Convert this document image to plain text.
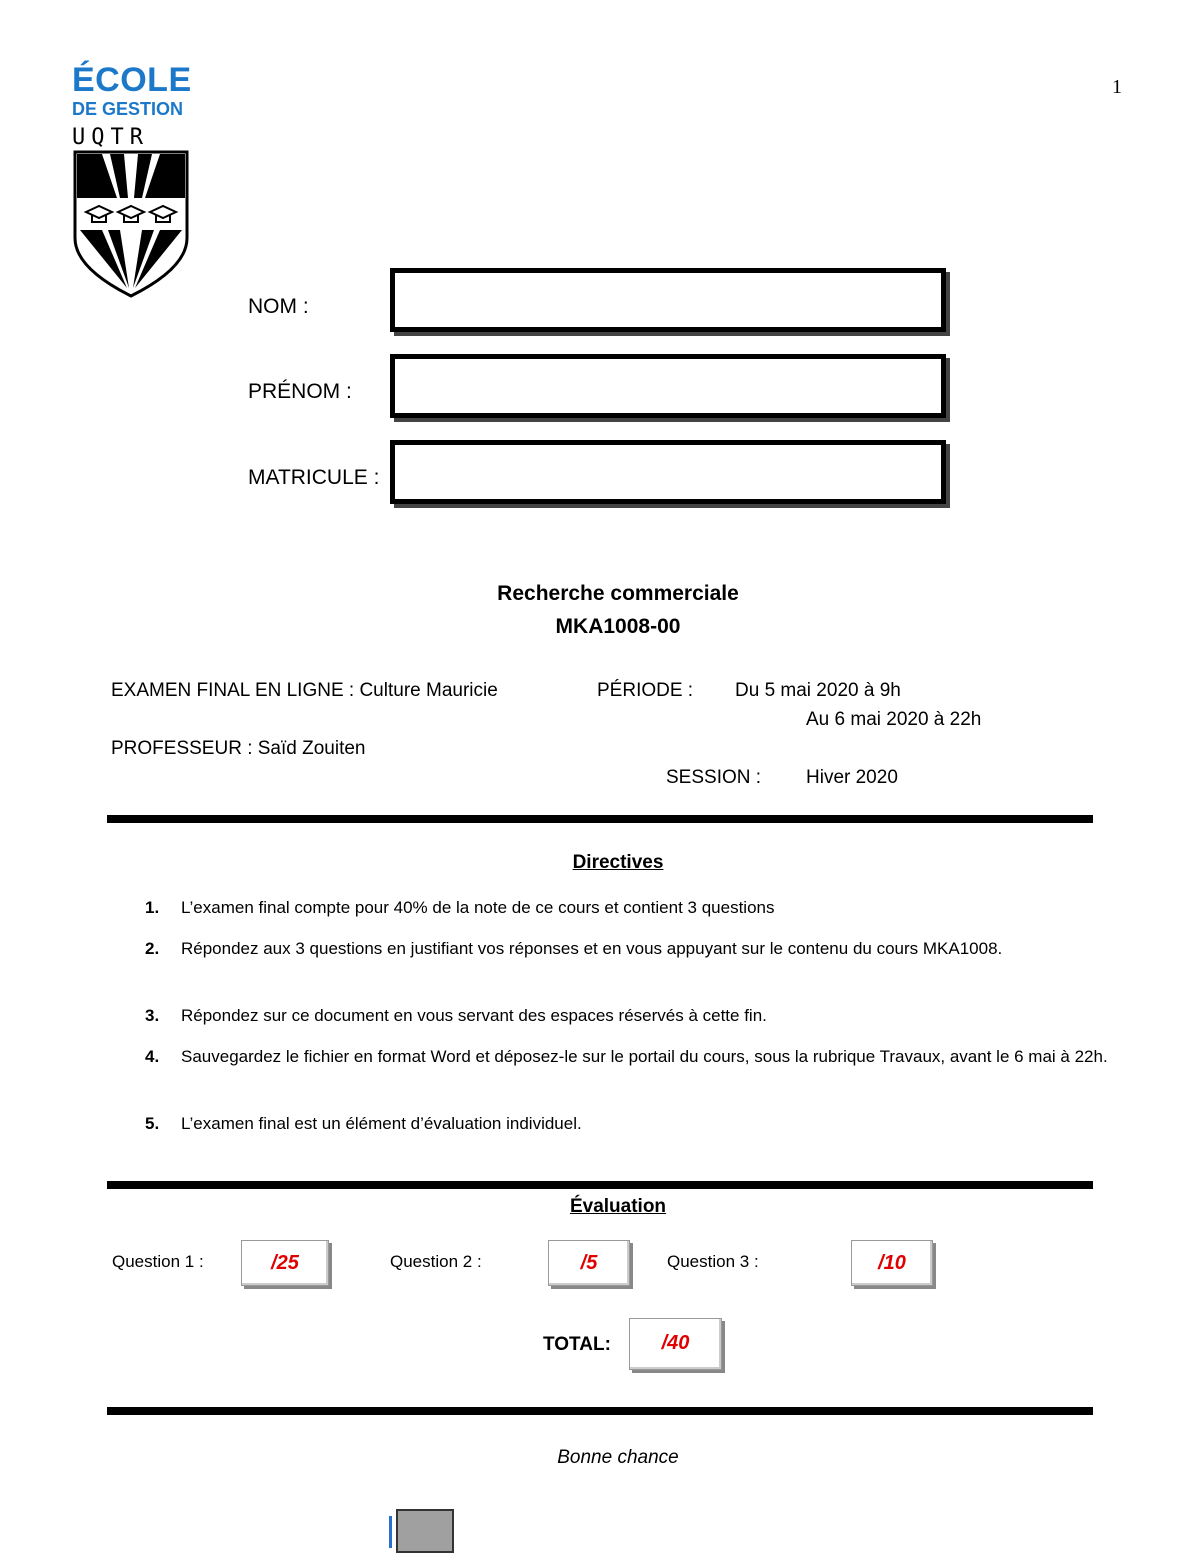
1
ÉCOLE
DE GESTION
UQTR
NOM :
PRÉNOM :
MATRICULE :
Recherche commerciale
MKA1008-00
EXAMEN FINAL EN LIGNE : Culture Mauricie	PÉRIODE : Du 5 mai 2020 à 9h
Au 6 mai 2020 à 22h
PROFESSEUR : Saïd Zouiten
SESSION : Hiver 2020
Directives
1. L’examen final compte pour 40% de la note de ce cours et contient 3 questions
2. Répondez aux 3 questions en justifiant vos réponses et en vous appuyant sur le contenu du cours MKA1008.
3. Répondez sur ce document en vous servant des espaces réservés à cette fin.
4. Sauvegardez le fichier en format Word et déposez-le sur le portail du cours, sous la rubrique Travaux, avant le 6 mai à 22h.
5. L’examen final est un élément d’évaluation individuel.
Évaluation
Question 1 :	/25	Question 2 :	/5	Question 3 :	/10
TOTAL:	/40
Bonne chance
